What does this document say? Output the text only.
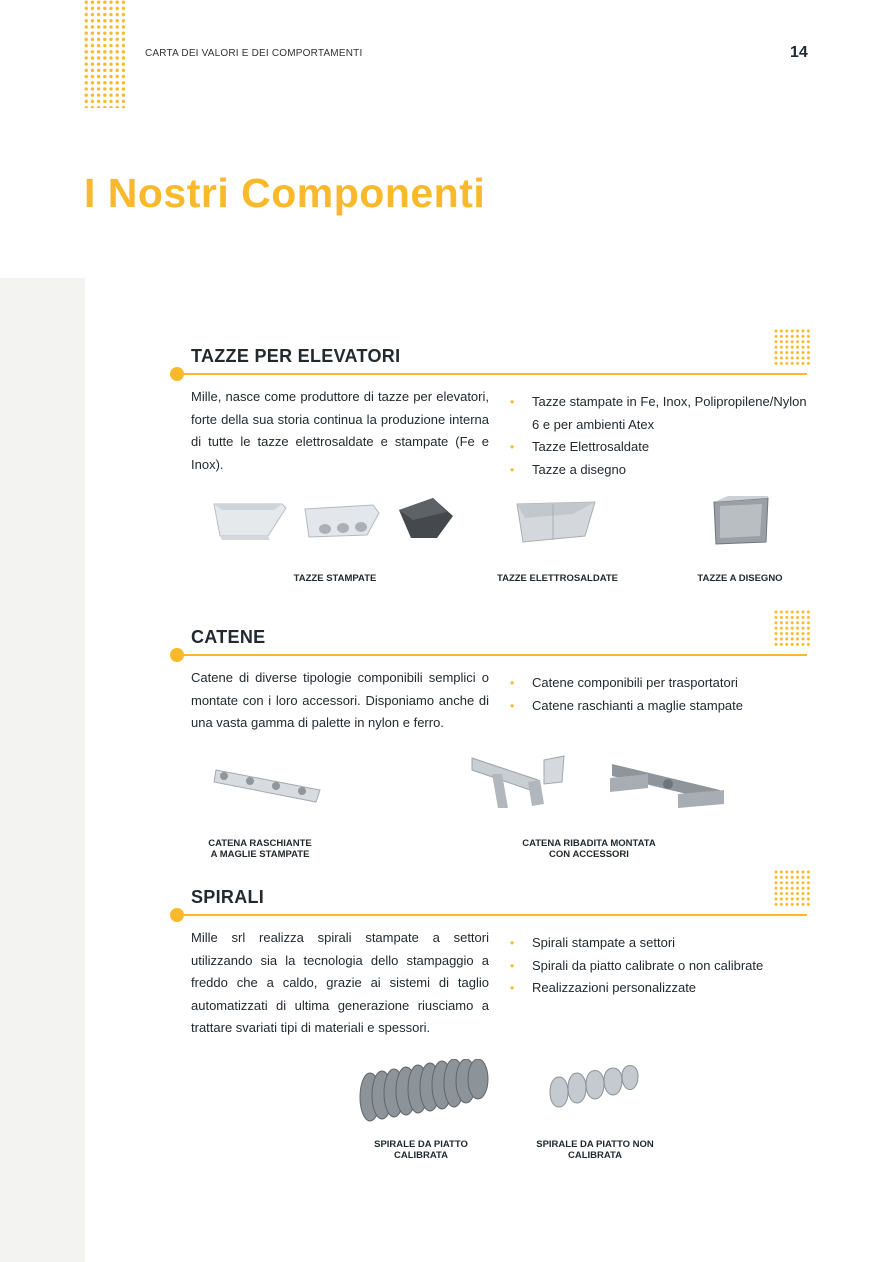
CARTA DEI VALORI E DEI COMPORTAMENTI	14
I Nostri Componenti
TAZZE PER ELEVATORI

Mille, nasce come produttore di tazze per elevatori, forte della sua storia continua la produzione interna di tutte le tazze elettrosaldate e stampate (Fe e Inox).

• Tazze stampate in Fe, Inox, Polipropilene/Nylon 6 e per ambienti Atex
• Tazze Elettrosaldate
• Tazze a disegno
TAZZE STAMPATE	TAZZE ELETTROSALDATE	TAZZE A DISEGNO
CATENE

Catene di diverse tipologie componibili semplici o montate con i loro accessori. Disponiamo anche di una vasta gamma di palette in nylon e ferro.

• Catene componibili per trasportatori
• Catene raschianti a maglie stampate
CATENA RASCHIANTE
A MAGLIE STAMPATE
CATENA RIBADITA MONTATA
CON ACCESSORI
SPIRALI

Mille srl realizza spirali stampate a settori utilizzando sia la tecnologia dello stampaggio a freddo che a caldo, grazie ai sistemi di taglio automatizzati di ultima generazione riusciamo a trattare svariati tipi di materiali e spessori.

• Spirali stampate a settori
• Spirali da piatto calibrate o non calibrate
• Realizzazioni personalizzate
SPIRALE DA PIATTO
CALIBRATA
SPIRALE DA PIATTO NON
CALIBRATA
